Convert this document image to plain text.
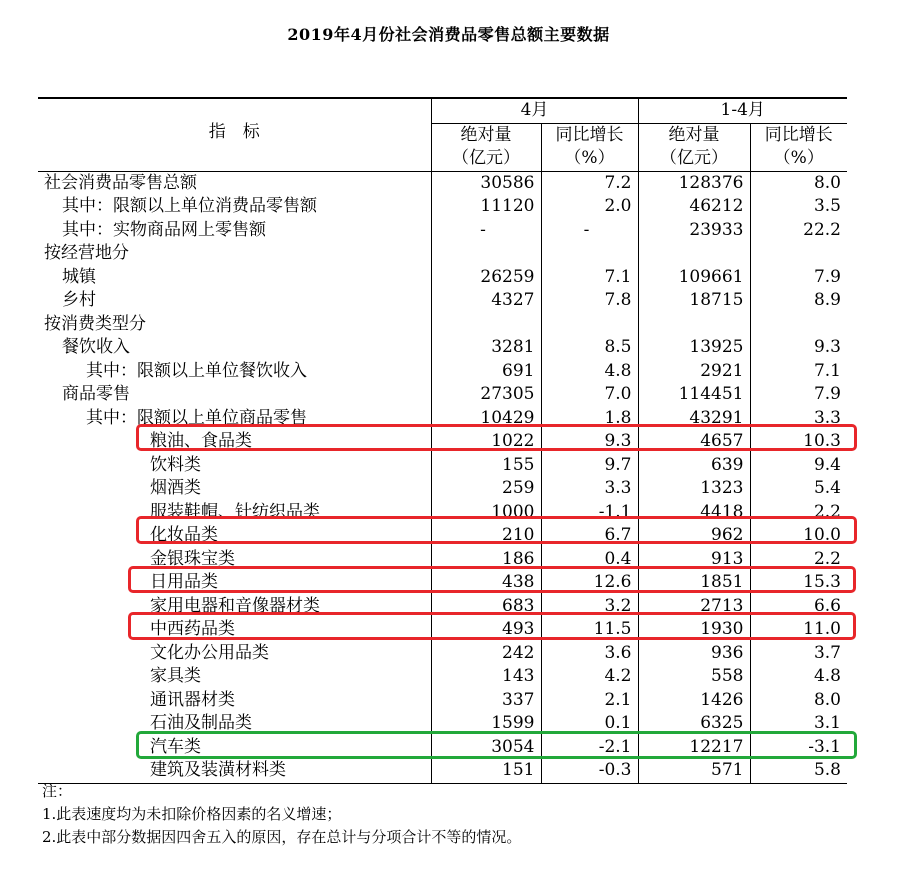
2019年4月份社会消费品零售总额主要数据
指　标	4月		1-4月	
	绝对量	同比增长	绝对量	同比增长
	（亿元）	（%）	（亿元）	（%）
社会消费品零售总额	30586	7.2	128376	8.0
其中：限额以上单位消费品零售额	11120	2.0	46212	3.5
其中：实物商品网上零售额	-	-	23933	22.2
按经营地分				
城镇	26259	7.1	109661	7.9
乡村	4327	7.8	18715	8.9
按消费类型分				
餐饮收入	3281	8.5	13925	9.3
其中：限额以上单位餐饮收入	691	4.8	2921	7.1
商品零售	27305	7.0	114451	7.9
其中：限额以上单位商品零售	10429	1.8	43291	3.3
粮油、食品类	1022	9.3	4657	10.3
饮料类	155	9.7	639	9.4
烟酒类	259	3.3	1323	5.4
服装鞋帽、针纺织品类	1000	-1.1	4418	2.2
化妆品类	210	6.7	962	10.0
金银珠宝类	186	0.4	913	2.2
日用品类	438	12.6	1851	15.3
家用电器和音像器材类	683	3.2	2713	6.6
中西药品类	493	11.5	1930	11.0
文化办公用品类	242	3.6	936	3.7
家具类	143	4.2	558	4.8
通讯器材类	337	2.1	1426	8.0
石油及制品类	1599	0.1	6325	3.1
汽车类	3054	-2.1	12217	-3.1
建筑及装潢材料类	151	-0.3	571	5.8
注：
1.此表速度均为未扣除价格因素的名义增速；
2.此表中部分数据因四舍五入的原因，存在总计与分项合计不等的情况。
